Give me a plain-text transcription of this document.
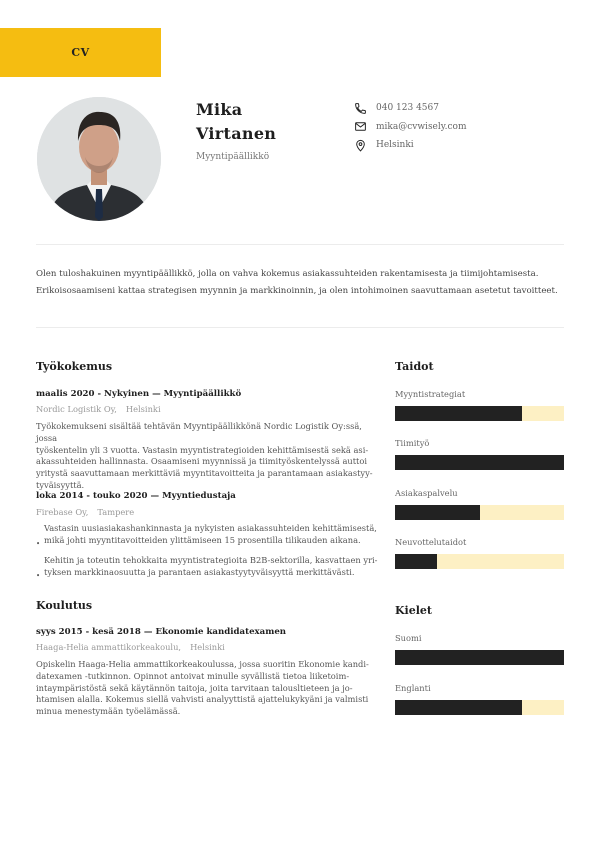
CV
Mika
Virtanen
Myyntipäällikkö
040 123 4567
mika@cvwisely.com
Helsinki
Olen tuloshakuinen myyntipäällikkö, jolla on vahva kokemus asiakassuhteiden rakentamisesta ja tiimijohtamisesta.
Erikoisosaamiseni kattaa strategisen myynnin ja markkinoinnin, ja olen intohimoinen saavuttamaan asetetut tavoitteet.
Työkokemus
maalis 2020 - Nykyinen — Myyntipäällikkö
Nordic Logistik Oy, Helsinki
Työkokemukseni sisältää tehtävän Myyntipäällikkönä Nordic Logistik Oy:ssä, jossa
työskentelin yli 3 vuotta. Vastasin myyntistrategioiden kehittämisestä sekä asi-
akassuhteiden hallinnasta. Osaamiseni myynnissä ja tiimityöskentelyssä auttoi
yritystä saavuttamaan merkittäviä myyntitavoitteita ja parantamaan asiakastyy-
tyväisyyttä.
loka 2014 - touko 2020 — Myyntiedustaja
Firebase Oy, Tampere
• Vastasin uusiasiakashankinnasta ja nykyisten asiakassuhteiden kehittämisestä,
mikä johti myyntitavoitteiden ylittämiseen 15 prosentilla tilikauden aikana.
• Kehitin ja toteutin tehokkaita myyntistrategioita B2B-sektorilla, kasvattaen yri-
tyksen markkinaosuutta ja parantaen asiakastyytyväisyyttä merkittävästi.
Koulutus
syys 2015 - kesä 2018 — Ekonomie kandidatexamen
Haaga-Helia ammattikorkeakoulu, Helsinki
Opiskelin Haaga-Helia ammattikorkeakoulussa, jossa suoritin Ekonomie kandi-
datexamen -tutkinnon. Opinnot antoivat minulle syvällistä tietoa liiketoim-
intaympäristöstä sekä käytännön taitoja, joita tarvitaan talousltieteen ja jo-
htamisen alalla. Kokemus siellä vahvisti analyyttistä ajattelukykyäni ja valmisti
minua menestymään työelämässä.
Taidot
Myyntistrategiat
Tiimityö
Asiakaspalvelu
Neuvottelutaidot
Kielet
Suomi
Englanti
